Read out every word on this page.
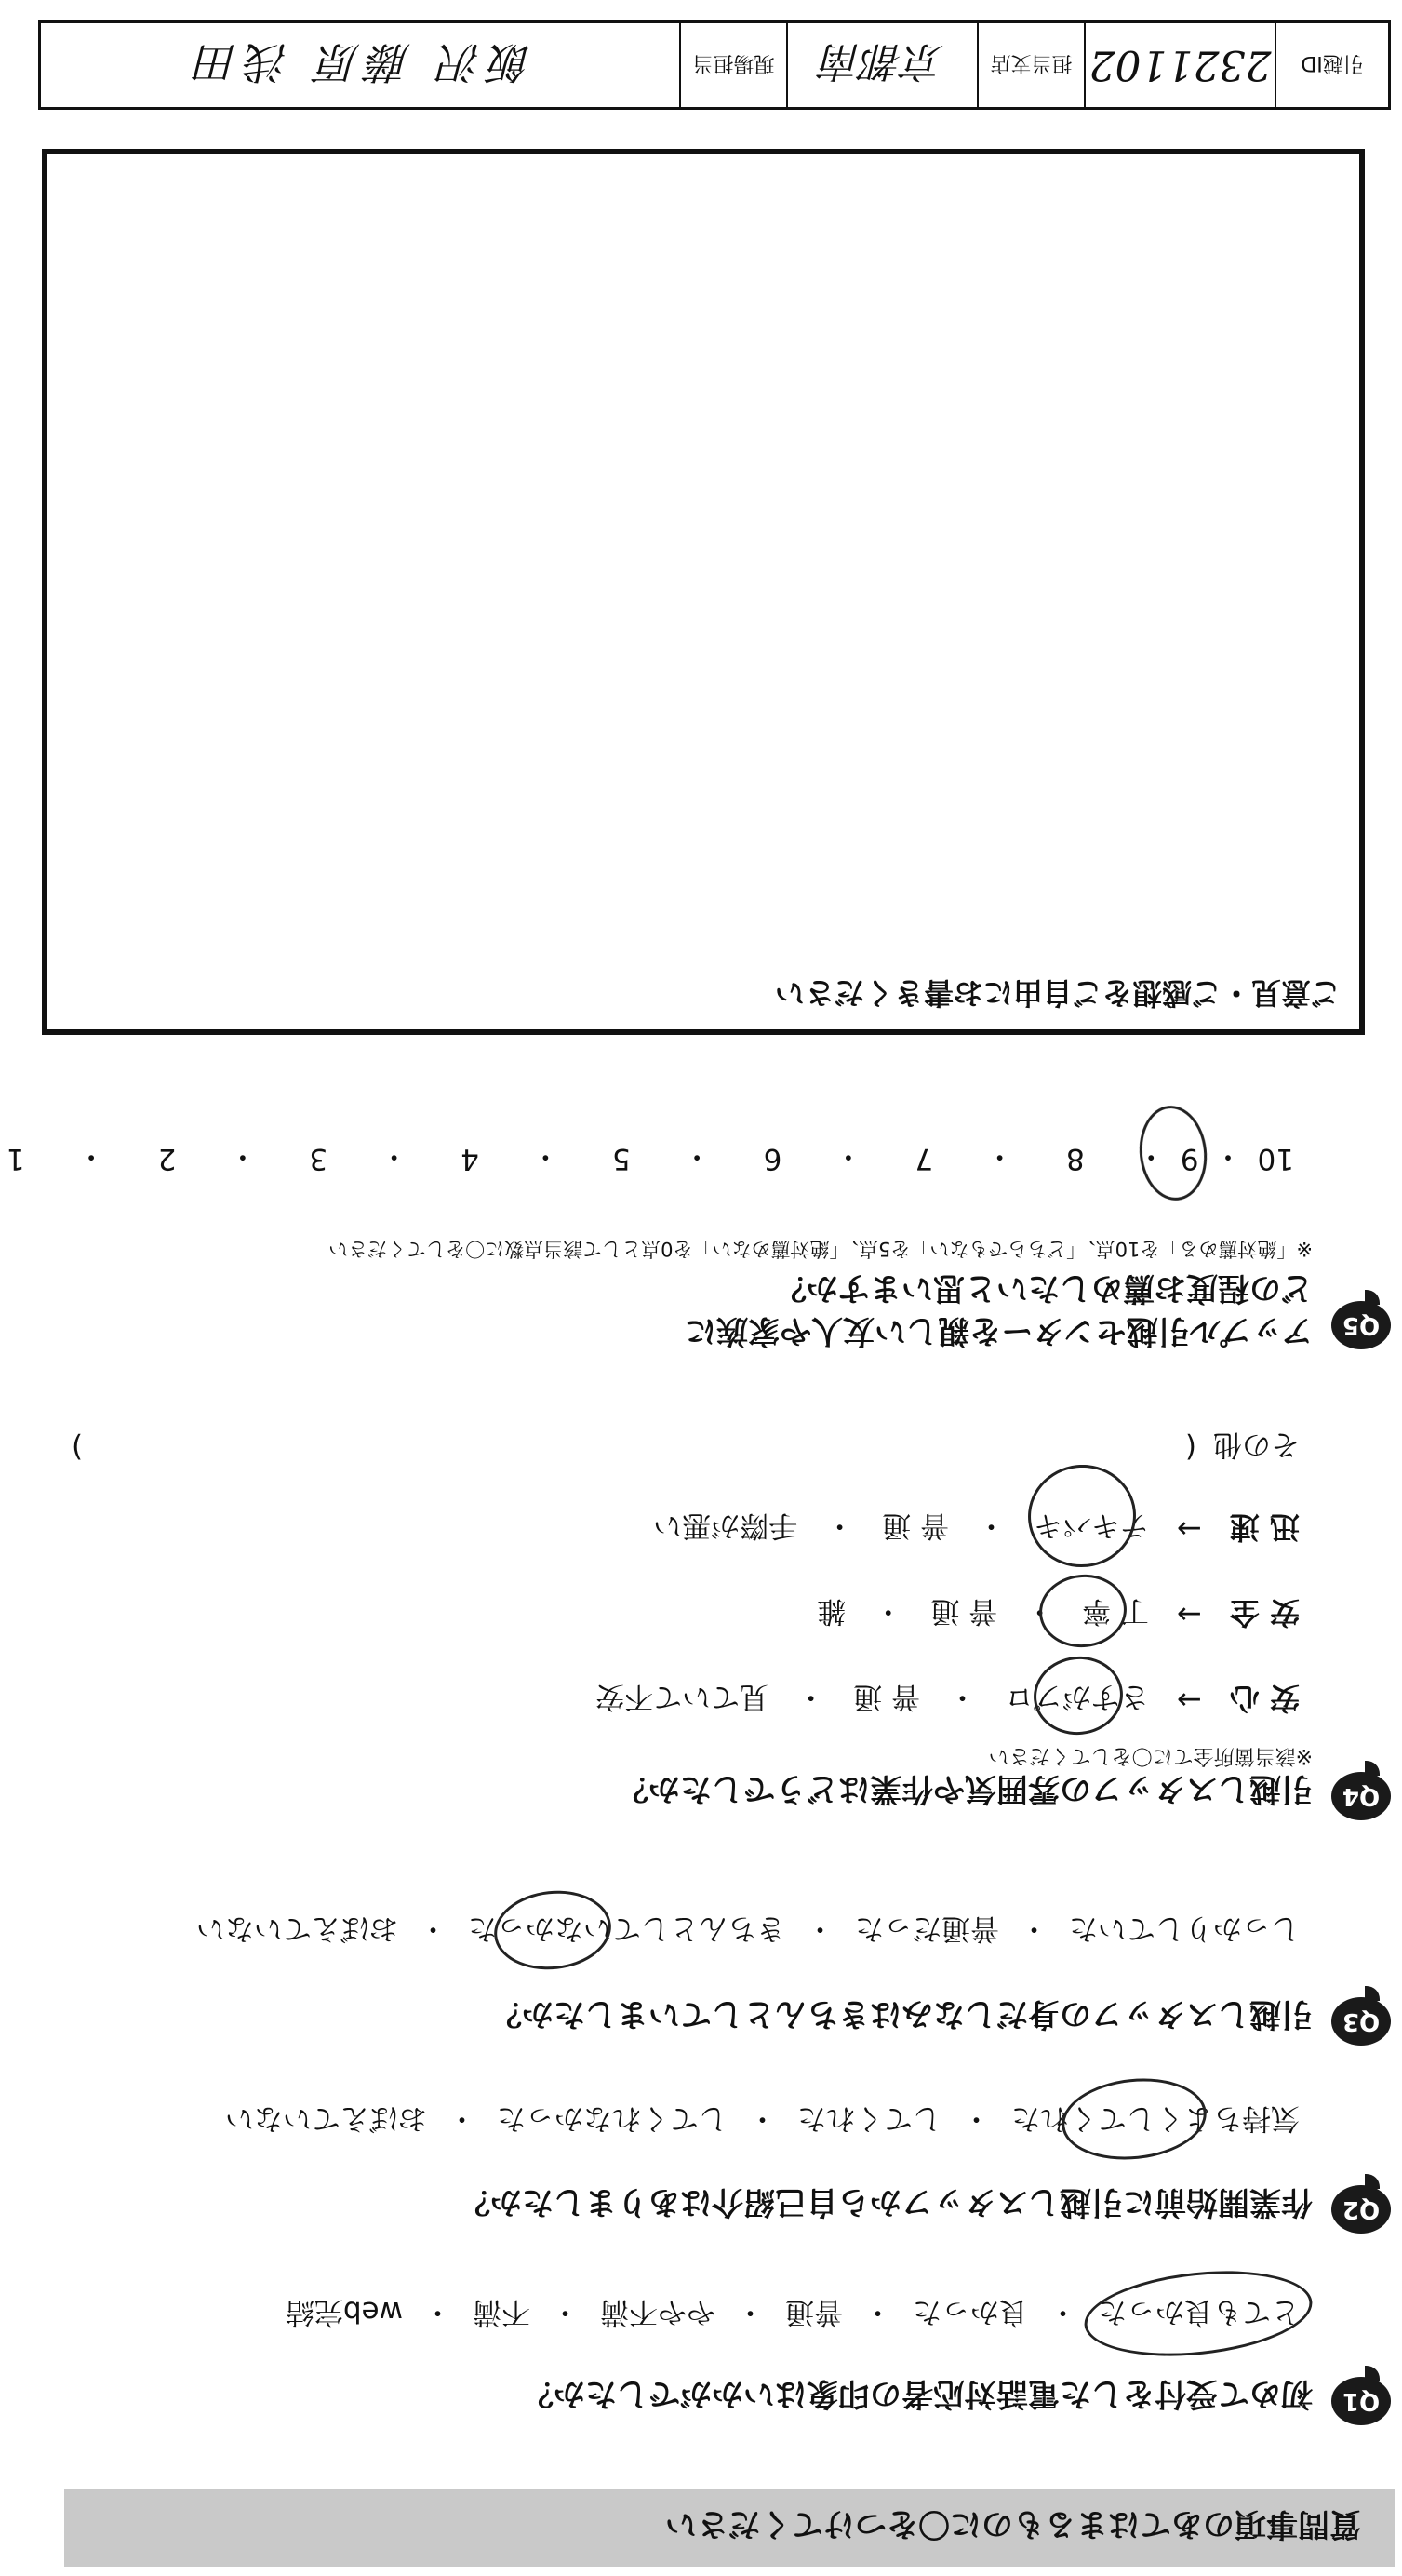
引越ID
2321102
担当支店
京都南
現場担当
飯沢 藤原 浅田
ご意見・ご感想をご自由にお書きください
質問事項のあてはまるものに〇をつけてください
Q1
初めて受付をした電話対応者の印象はいかがでしたか？
とても良かった
・
良かった
・
普通
・
やや不満
・
不満
・
web完結
Q2
作業開始前に引越しスタッフから自己紹介はありましたか？
気持ちよくしてくれた
・
してくれた
・
してくれなかった
・
おぼえていない
Q3
引越しスタッフの身だしなみはきちんとしていましたか？
しっかりしていた
・
普通だった
・
きちんとしていなかった
・
おぼえていない
Q4
引越しスタッフの雰囲気や作業はどうでしたか？
※該当箇所全てに〇をしてください
安 心
→
さすがプロ
・
普 通
・
見ていて不安
安 全
→
丁 寧
・
普 通
・
雑
迅 速
→
テキパキ
・
普 通
・
手際が悪い
その他
(
)
Q5
アップル引越センターを親しい友人や家族に
どの程度お薦めしたいと思いますか？
※「絶対薦める」を10点、「どちらでもない」を5点、「絶対薦めない」を0点として該当点数に〇をしてください
10
・
9
・
8
・
7
・
6
・
5
・
4
・
3
・
2
・
1
